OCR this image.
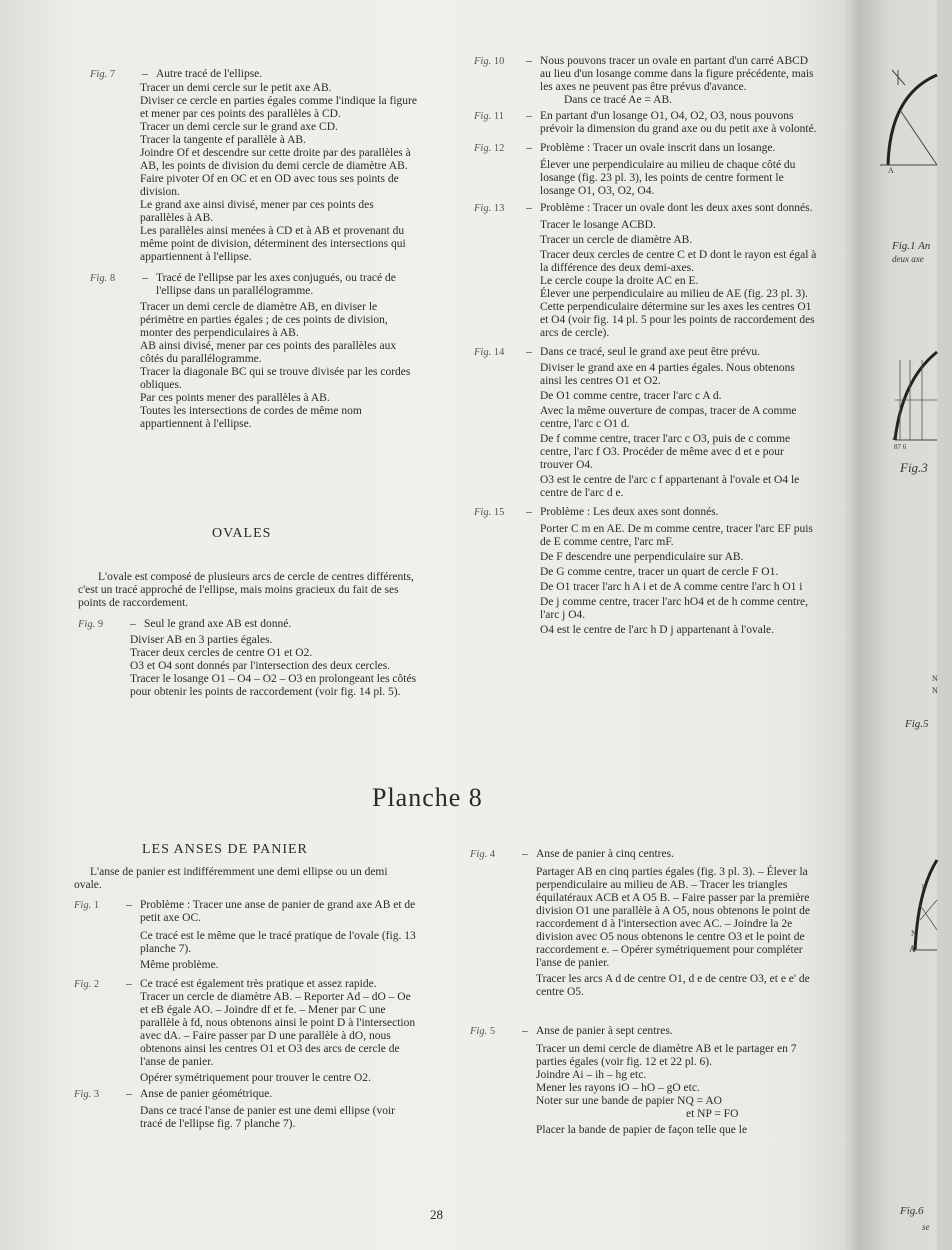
Fig. 7	– Autre tracé de l'ellipse.

Tracer un demi cercle sur le petit axe AB.
Diviser ce cercle en parties égales comme l'indique la figure et mener par ces points des parallèles à CD.
Tracer un demi cercle sur le grand axe CD.
Tracer la tangente ef parallèle à AB.
Joindre Of et descendre sur cette droite par des parallèles à AB, les points de division du demi cercle de diamètre AB.
Faire pivoter Of en OC et en OD avec tous ses points de division.
Le grand axe ainsi divisé, mener par ces points des parallèles à AB.
Les parallèles ainsi menées à CD et à AB et provenant du même point de division, déterminent des intersections qui appartiennent à l'ellipse.
Fig. 8	– Tracé de l'ellipse par les axes conjugués, ou tracé de l'ellipse dans un parallélogramme.

Tracer un demi cercle de diamètre AB, en diviser le périmètre en parties égales ; de ces points de division, monter des perpendiculaires à AB.
AB ainsi divisé, mener par ces points des parallèles aux côtés du parallélogramme.
Tracer la diagonale BC qui se trouve divisée par les cordes obliques.
Par ces points mener des parallèles à AB.
Toutes les intersections de cordes de même nom appartiennent à l'ellipse.
OVALES

L'ovale est composé de plusieurs arcs de cercle de centres différents, c'est un tracé approché de l'ellipse, mais moins gracieux du fait de ses points de raccordement.

Fig. 9	– Seul le grand axe AB est donné.

Diviser AB en 3 parties égales.
Tracer deux cercles de centre O1 et O2.
O3 et O4 sont donnés par l'intersection des deux cercles.
Tracer le losange O1 – O4 – O2 – O3 en prolongeant les côtés pour obtenir les points de raccordement (voir fig. 14 pl. 5).
Fig. 10	– Nous pouvons tracer un ovale en partant d'un carré ABCD au lieu d'un losange comme dans la figure précédente, mais les axes ne peuvent pas être prévus d'avance.

Dans ce tracé Ae = AB.

Fig. 11	– En partant d'un losange O1, O4, O2, O3, nous pouvons prévoir la dimension du grand axe ou du petit axe à volonté.

Fig. 12	– Problème : Tracer un ovale inscrit dans un losange.

Élever une perpendiculaire au milieu de chaque côté du losange (fig. 23 pl. 3), les points de centre forment le losange O1, O3, O2, O4.

Fig. 13	– Problème : Tracer un ovale dont les deux axes sont donnés.

Tracer le losange ACBD.

Tracer un cercle de diamètre AB.

Tracer deux cercles de centre C et D dont le rayon est égal à la différence des deux demi-axes.

Le cercle coupe la droite AC en E.

Élever une perpendiculaire au milieu de AE (fig. 23 pl. 3).

Cette perpendiculaire détermine sur les axes les centres O1 et O4 (voir fig. 14 pl. 5 pour les points de raccordement des arcs de cercle).

Fig. 14	– Dans ce tracé, seul le grand axe peut être prévu.

Diviser le grand axe en 4 parties égales. Nous obtenons ainsi les centres O1 et O2.

De O1 comme centre, tracer l'arc c A d.

Avec la même ouverture de compas, tracer de A comme centre, l'arc c O1 d.

De f comme centre, tracer l'arc c O3, puis de c comme centre, l'arc f O3. Procéder de même avec d et e pour trouver O4.

O3 est le centre de l'arc c f appartenant à l'ovale et O4 le centre de l'arc d e.

Fig. 15	– Problème : Les deux axes sont donnés.

Porter C m en AE. De m comme centre, tracer l'arc EF puis de E comme centre, l'arc mF.

De F descendre une perpendiculaire sur AB.

De G comme centre, tracer un quart de cercle F O1.

De O1 tracer l'arc h A i et de A comme centre l'arc h O1 i

De j comme centre, tracer l'arc hO4 et de h comme centre, l'arc j O4.

O4 est le centre de l'arc h D j appartenant à l'ovale.

Planche 8
LES ANSES DE PANIER

L'anse de panier est indifféremment une demi ellipse ou un demi ovale.

Fig. 1	– Problème : Tracer une anse de panier de grand axe AB et de petit axe OC.

Ce tracé est le même que le tracé pratique de l'ovale (fig. 13 planche 7).

Même problème.

Fig. 2	– Ce tracé est également très pratique et assez rapide.

Tracer un cercle de diamètre AB. – Reporter Ad – dO – Oe et eB égale AO. – Joindre df et fe. – Mener par C une parallèle à fd, nous obtenons ainsi le point D à l'intersection avec dA. – Faire passer par D une parallèle à dO, nous obtenons ainsi les centres O1 et O3 des arcs de cercle de l'anse de panier.

Opérer symétriquement pour trouver le centre O2.

Fig. 3	– Anse de panier géométrique.

Dans ce tracé l'anse de panier est une demi ellipse (voir tracé de l'ellipse fig. 7 planche 7).

Fig. 4	– Anse de panier à cinq centres.

Partager AB en cinq parties égales (fig. 3 pl. 3). – Élever la perpendiculaire au milieu de AB. – Tracer les triangles équilatéraux ACB et A O5 B. – Faire passer par la première division O1 une parallèle à A O5, nous obtenons le point de raccordement d à l'intersection avec AC. – Joindre la 2e division avec O5 nous obtenons le centre O3 et le point de raccordement e. – Opérer symétriquement pour compléter l'anse de panier.

Tracer les arcs A d de centre O1, d e de centre O3, et e e' de centre O5.

Fig. 5	– Anse de panier à sept centres.

Tracer un demi cercle de diamètre AB et le partager en 7 parties égales (voir fig. 12 et 22 pl. 6).

Joindre Ai – ih – hg etc.

Mener les rayons iO – hO – gO etc.

Noter sur une bande de papier NQ = AO

et NP = FO

Placer la bande de papier de façon telle que le

28
Fig.1 An
deux axe
Fig.3
Fig.5
Fig.6
se
A
A
87 6
N
N
A
N
k
l
